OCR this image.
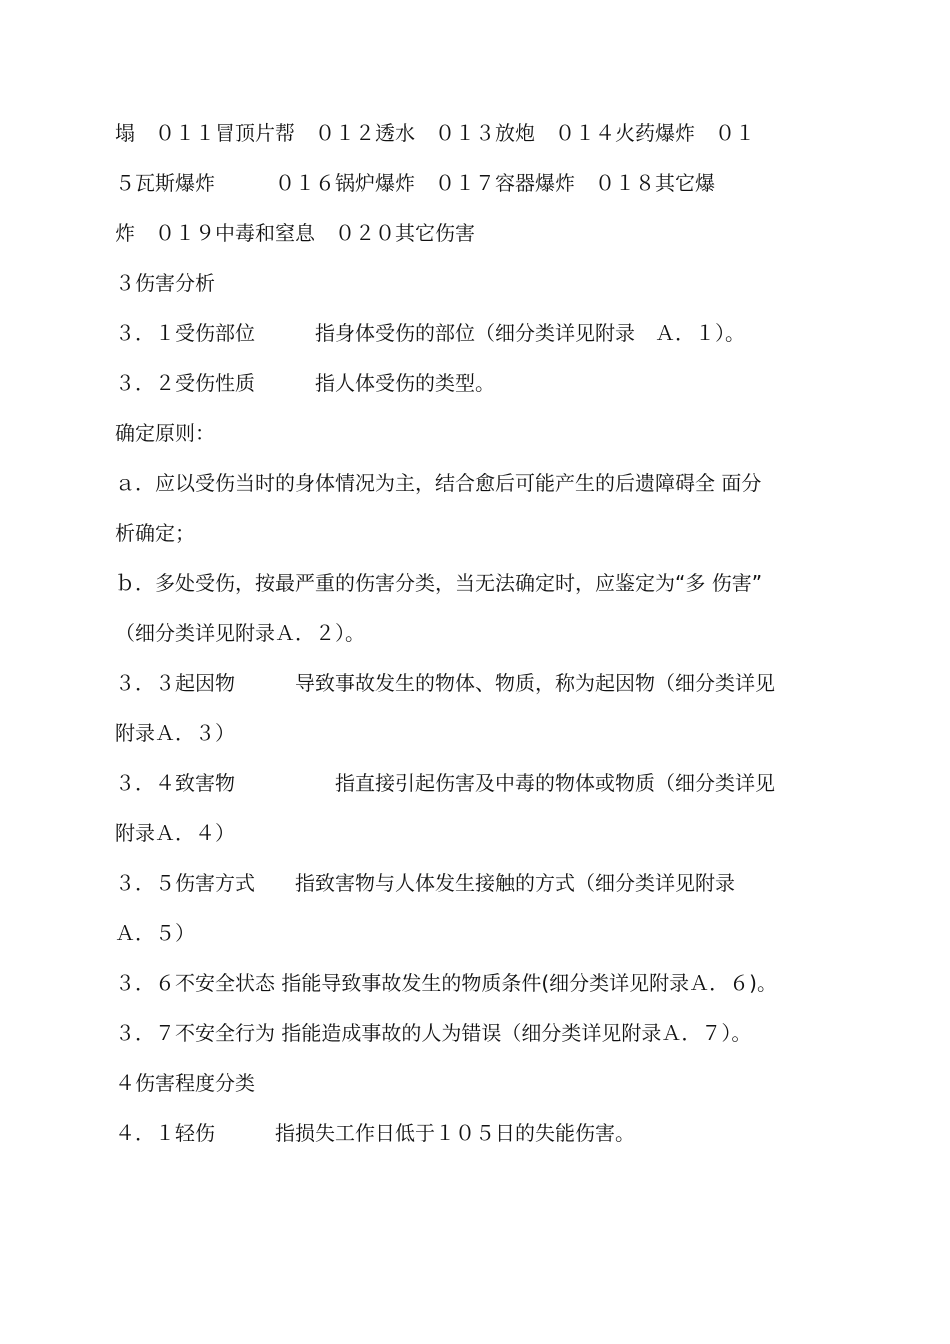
塌　０１１冒顶片帮　０１２透水　０１３放炮　０１４火药爆炸　０１
５瓦斯爆炸　　　０１６锅炉爆炸　０１７容器爆炸　０１８其它爆
炸　０１９中毒和窒息　０２０其它伤害
３伤害分析
３．１受伤部位　　　指身体受伤的部位（细分类详见附录　Ａ．１）。
３．２受伤性质　　　指人体受伤的类型。
确定原则：
ａ．应以受伤当时的身体情况为主，结合愈后可能产生的后遗障碍全 面分
析确定；
ｂ．多处受伤，按最严重的伤害分类，当无法确定时，应鉴定为“多 伤害”
（细分类详见附录Ａ．２）。
３．３起因物　　　导致事故发生的物体、物质，称为起因物（细分类详见
附录Ａ．３）
３．４致害物　　　　　指直接引起伤害及中毒的物体或物质（细分类详见
附录Ａ．４）
３．５伤害方式　　指致害物与人体发生接触的方式（细分类详见附录
Ａ．５）
３．６不安全状态 指能导致事故发生的物质条件(细分类详见附录Ａ．６)。
３．７不安全行为 指能造成事故的人为错误（细分类详见附录Ａ．７）。
４伤害程度分类
４．１轻伤　　　指损失工作日低于１０５日的失能伤害。
